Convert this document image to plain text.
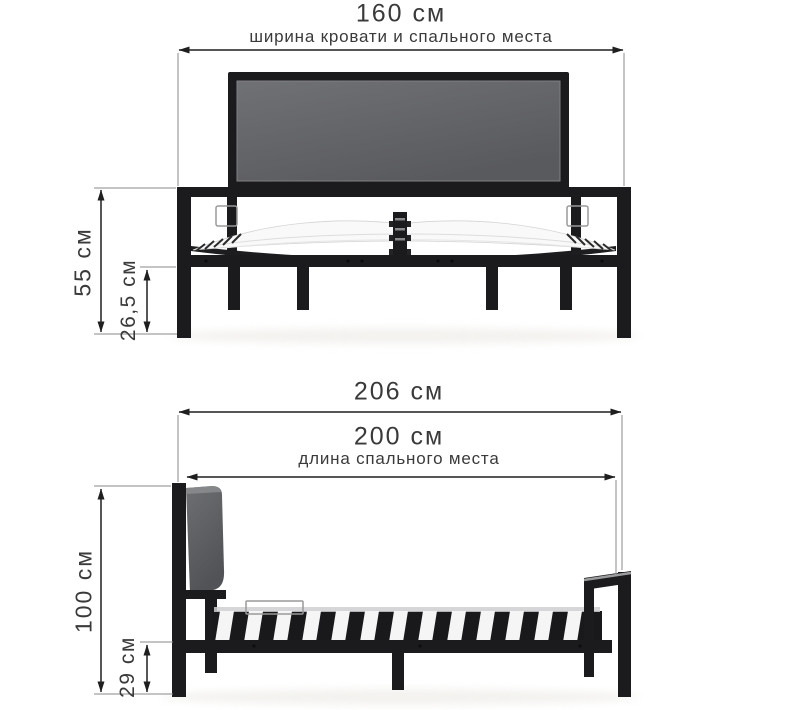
160 см
ширина кровати и спального места
55 см 26,5 см
206 см
200 см
длина спального места
100 см
29 см
